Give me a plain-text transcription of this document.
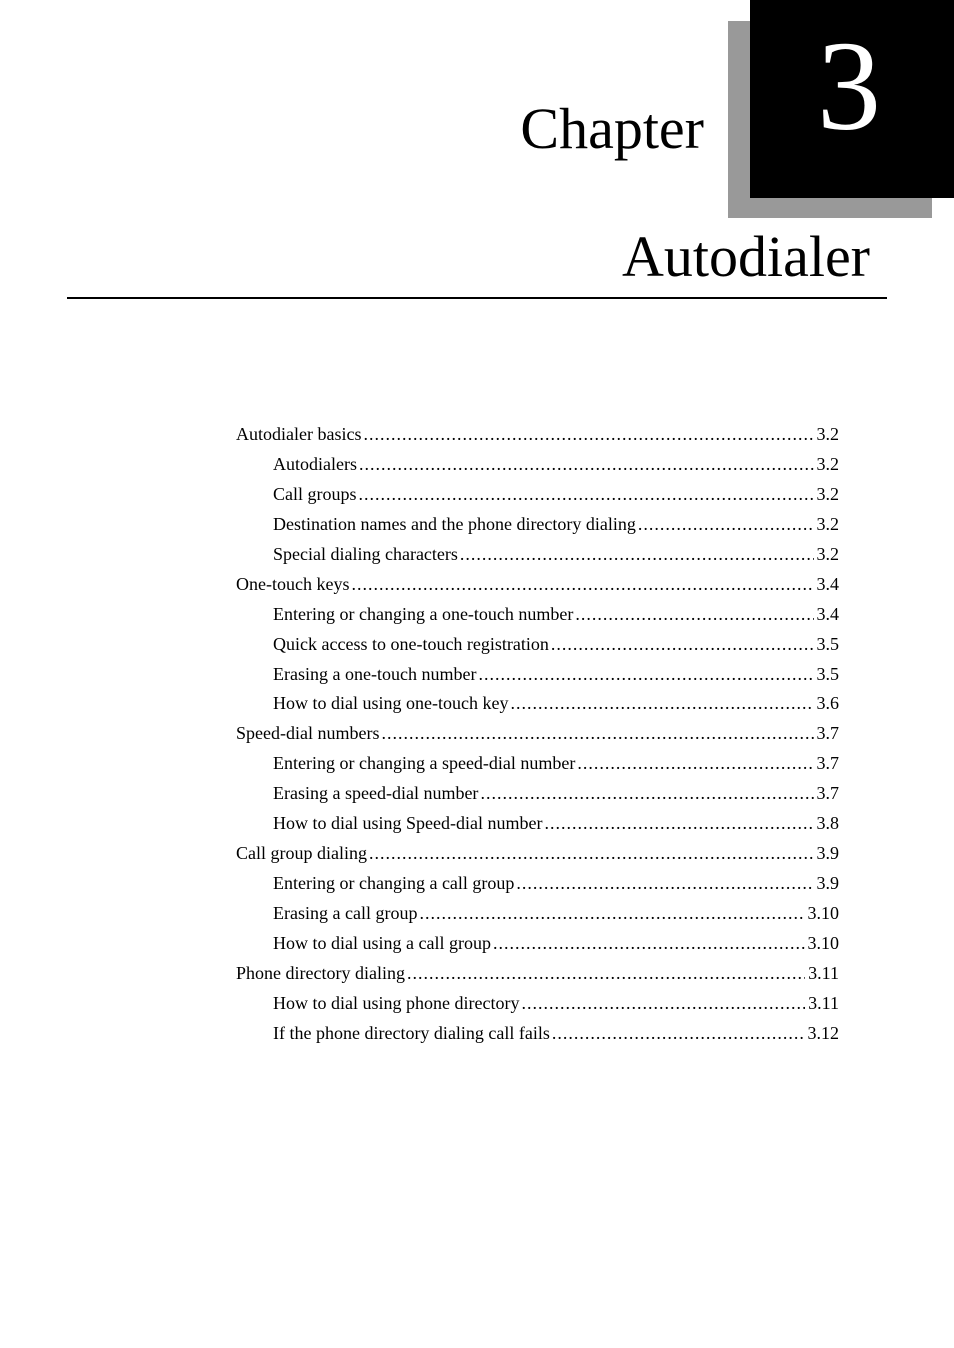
3
Chapter
Autodialer
Autodialer basics .....	3.2
Autodialers .....	3.2
Call groups .....	3.2
Destination names and the phone directory dialing .....	3.2
Special dialing characters .....	3.2
One-touch keys .....	3.4
Entering or changing a one-touch number .....	3.4
Quick access to one-touch registration .....	3.5
Erasing a one-touch number .....	3.5
How to dial using one-touch key .....	3.6
Speed-dial numbers .....	3.7
Entering or changing a speed-dial number .....	3.7
Erasing a speed-dial number .....	3.7
How to dial using Speed-dial number .....	3.8
Call group dialing .....	3.9
Entering or changing a call group .....	3.9
Erasing a call group .....	3.10
How to dial using a call group .....	3.10
Phone directory dialing .....	3.11
How to dial using phone directory .....	3.11
If the phone directory dialing call fails .....	3.12
